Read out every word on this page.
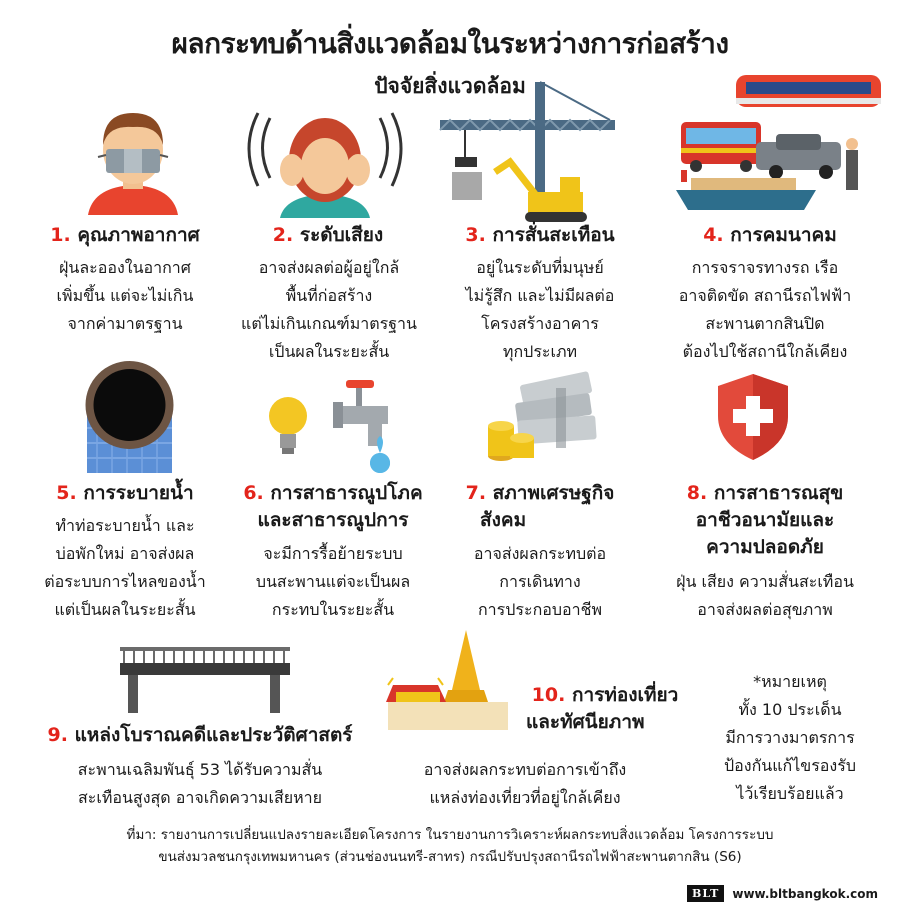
ผลกระทบด้านสิ่งแวดล้อมในระหว่างการก่อสร้าง
ปัจจัยสิ่งแวดล้อม
1. คุณภาพอากาศ
ฝุ่นละอองในอากาศ
เพิ่มขึ้น แต่จะไม่เกิน
จากค่ามาตรฐาน
2. ระดับเสียง
อาจส่งผลต่อผู้อยู่ใกล้
พื้นที่ก่อสร้าง
แต่ไม่เกินเกณฑ์มาตรฐาน
เป็นผลในระยะสั้น
3. การสั่นสะเทือน
อยู่ในระดับที่มนุษย์
ไม่รู้สึก และไม่มีผลต่อ
โครงสร้างอาคาร
ทุกประเภท
4. การคมนาคม
การจราจรทางรถ เรือ
อาจติดขัด สถานีรถไฟฟ้า
สะพานตากสินปิด
ต้องไปใช้สถานีใกล้เคียง
5. การระบายน้ำ
ทำท่อระบายน้ำ และ
บ่อพักใหม่ อาจส่งผล
ต่อระบบการไหลของน้ำ
แต่เป็นผลในระยะสั้น
6. การสาธารณูปโภค
และสาธารณูปการ
จะมีการรื้อย้ายระบบ
บนสะพานแต่จะเป็นผล
กระทบในระยะสั้น
7. สภาพเศรษฐกิจ
สังคม
อาจส่งผลกระทบต่อ
การเดินทาง
การประกอบอาชีพ
8. การสาธารณสุข
อาชีวอนามัยและ
ความปลอดภัย
ฝุ่น เสียง ความสั่นสะเทือน
อาจส่งผลต่อสุขภาพ
9. แหล่งโบราณคดีและประวัติศาสตร์
สะพานเฉลิมพันธุ์ 53 ได้รับความสั่น
สะเทือนสูงสุด อาจเกิดความเสียหาย
10. การท่องเที่ยว
และทัศนียภาพ
อาจส่งผลกระทบต่อการเข้าถึง
แหล่งท่องเที่ยวที่อยู่ใกล้เคียง
*หมายเหตุ
ทั้ง 10 ประเด็น
มีการวางมาตรการ
ป้องกันแก้ไขรองรับ
ไว้เรียบร้อยแล้ว
ที่มา: รายงานการเปลี่ยนแปลงรายละเอียดโครงการ ในรายงานการวิเคราะห์ผลกระทบสิ่งแวดล้อม โครงการระบบ
ขนส่งมวลชนกรุงเทพมหานคร (ส่วนช่องนนทรี-สาทร) กรณีปรับปรุงสถานีรถไฟฟ้าสะพานตากสิน (S6)
BLT	www.bltbangkok.com
